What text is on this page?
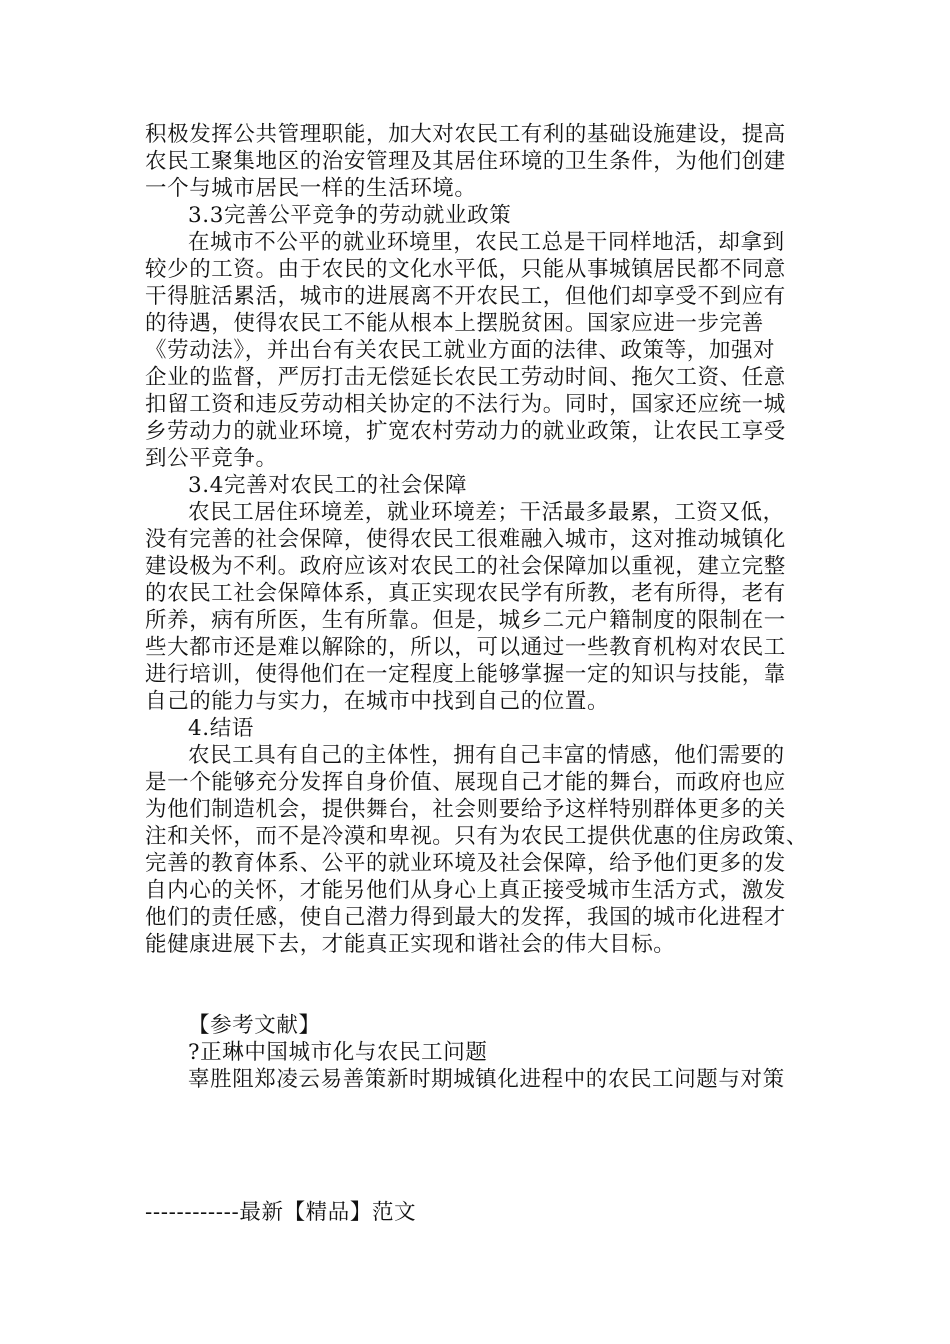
积极发挥公共管理职能，加大对农民工有利的基础设施建设，提高
农民工聚集地区的治安管理及其居住环境的卫生条件，为他们创建
一个与城市居民一样的生活环境。
3.3完善公平竞争的劳动就业政策
在城市不公平的就业环境里，农民工总是干同样地活，却拿到
较少的工资。由于农民的文化水平低，只能从事城镇居民都不同意
干得脏活累活，城市的进展离不开农民工，但他们却享受不到应有
的待遇，使得农民工不能从根本上摆脱贫困。国家应进一步完善
《劳动法》，并出台有关农民工就业方面的法律、政策等，加强对
企业的监督，严厉打击无偿延长农民工劳动时间、拖欠工资、任意
扣留工资和违反劳动相关协定的不法行为。同时，国家还应统一城
乡劳动力的就业环境，扩宽农村劳动力的就业政策，让农民工享受
到公平竞争。
3.4完善对农民工的社会保障
农民工居住环境差，就业环境差；干活最多最累，工资又低，
没有完善的社会保障，使得农民工很难融入城市，这对推动城镇化
建设极为不利。政府应该对农民工的社会保障加以重视，建立完整
的农民工社会保障体系，真正实现农民学有所教，老有所得，老有
所养，病有所医，生有所靠。但是，城乡二元户籍制度的限制在一
些大都市还是难以解除的，所以，可以通过一些教育机构对农民工
进行培训，使得他们在一定程度上能够掌握一定的知识与技能，靠
自己的能力与实力，在城市中找到自己的位置。
4.结语
农民工具有自己的主体性，拥有自己丰富的情感，他们需要的
是一个能够充分发挥自身价值、展现自己才能的舞台，而政府也应
为他们制造机会，提供舞台，社会则要给予这样特别群体更多的关
注和关怀，而不是冷漠和卑视。只有为农民工提供优惠的住房政策、
完善的教育体系、公平的就业环境及社会保障，给予他们更多的发
自内心的关怀，才能另他们从身心上真正接受城市生活方式，激发
他们的责任感，使自己潜力得到最大的发挥，我国的城市化进程才
能健康进展下去，才能真正实现和谐社会的伟大目标。
【参考文献】
?正琳中国城市化与农民工问题
辜胜阻郑凌云易善策新时期城镇化进程中的农民工问题与对策
------------最新【精品】范文
